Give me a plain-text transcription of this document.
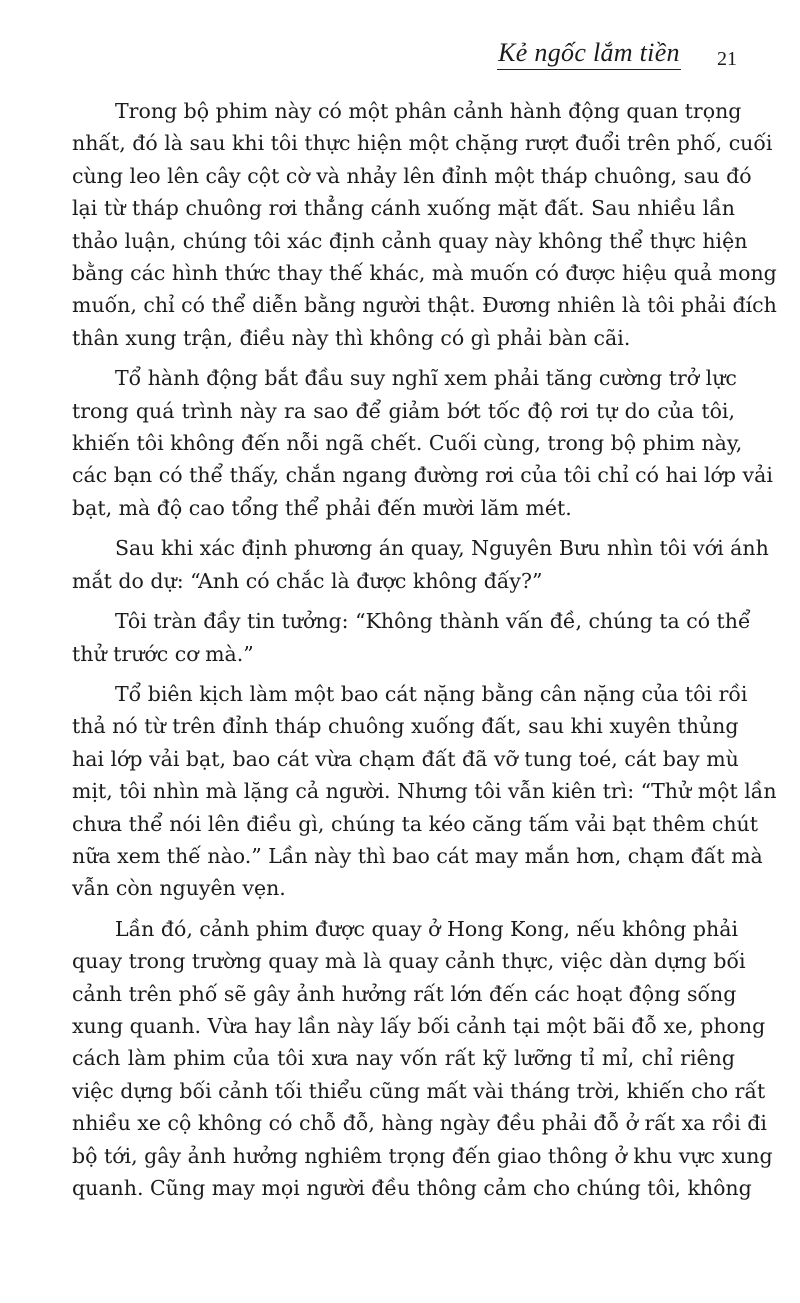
Kẻ ngốc lắm tiền 21
Trong bộ phim này có một phân cảnh hành động quan trọng
nhất, đó là sau khi tôi thực hiện một chặng rượt đuổi trên phố, cuối
cùng leo lên cây cột cờ và nhảy lên đỉnh một tháp chuông, sau đó
lại từ tháp chuông rơi thẳng cánh xuống mặt đất. Sau nhiều lần
thảo luận, chúng tôi xác định cảnh quay này không thể thực hiện
bằng các hình thức thay thế khác, mà muốn có được hiệu quả mong
muốn, chỉ có thể diễn bằng người thật. Đương nhiên là tôi phải đích
thân xung trận, điều này thì không có gì phải bàn cãi.
Tổ hành động bắt đầu suy nghĩ xem phải tăng cường trở lực
trong quá trình này ra sao để giảm bớt tốc độ rơi tự do của tôi,
khiến tôi không đến nỗi ngã chết. Cuối cùng, trong bộ phim này,
các bạn có thể thấy, chắn ngang đường rơi của tôi chỉ có hai lớp vải
bạt, mà độ cao tổng thể phải đến mười lăm mét.
Sau khi xác định phương án quay, Nguyên Bưu nhìn tôi với ánh
mắt do dự: “Anh có chắc là được không đấy?”
Tôi tràn đầy tin tưởng: “Không thành vấn đề, chúng ta có thể
thử trước cơ mà.”
Tổ biên kịch làm một bao cát nặng bằng cân nặng của tôi rồi
thả nó từ trên đỉnh tháp chuông xuống đất, sau khi xuyên thủng
hai lớp vải bạt, bao cát vừa chạm đất đã vỡ tung toé, cát bay mù
mịt, tôi nhìn mà lặng cả người. Nhưng tôi vẫn kiên trì: “Thử một lần
chưa thể nói lên điều gì, chúng ta kéo căng tấm vải bạt thêm chút
nữa xem thế nào.” Lần này thì bao cát may mắn hơn, chạm đất mà
vẫn còn nguyên vẹn.
Lần đó, cảnh phim được quay ở Hong Kong, nếu không phải
quay trong trường quay mà là quay cảnh thực, việc dàn dựng bối
cảnh trên phố sẽ gây ảnh hưởng rất lớn đến các hoạt động sống
xung quanh. Vừa hay lần này lấy bối cảnh tại một bãi đỗ xe, phong
cách làm phim của tôi xưa nay vốn rất kỹ lưỡng tỉ mỉ, chỉ riêng
việc dựng bối cảnh tối thiểu cũng mất vài tháng trời, khiến cho rất
nhiều xe cộ không có chỗ đỗ, hàng ngày đều phải đỗ ở rất xa rồi đi
bộ tới, gây ảnh hưởng nghiêm trọng đến giao thông ở khu vực xung
quanh. Cũng may mọi người đều thông cảm cho chúng tôi, không
